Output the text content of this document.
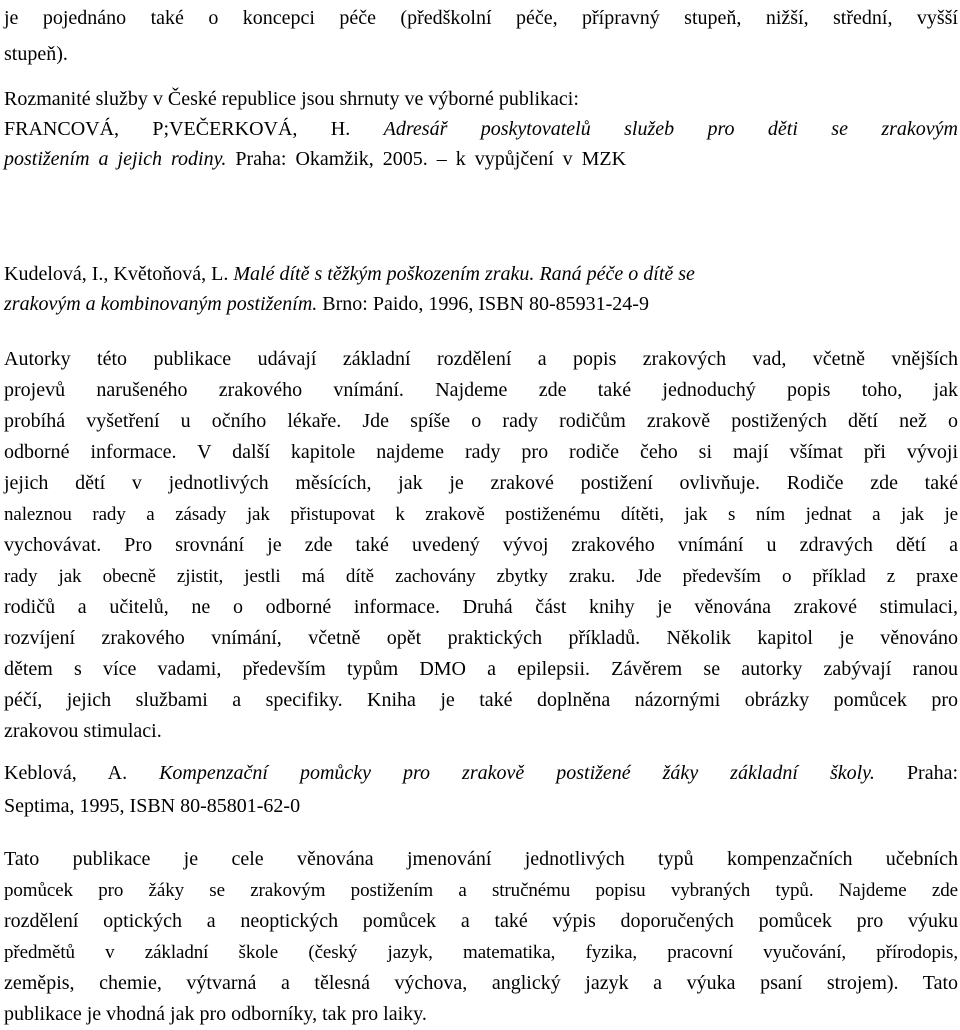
je pojednáno také o koncepci péče (předškolní péče, přípravný stupeň, nižší, střední, vyšší
stupeň).
Rozmanité služby v České republice jsou shrnuty ve výborné publikaci:
FRANCOVÁ, P;VEČERKOVÁ, H. Adresář poskytovatelů služeb pro děti se zrakovým
postižením a jejich rodiny. Praha: Okamžik, 2005. – k vypůjčení v MZK
Kudelová, I., Květoňová, L. Malé dítě s těžkým poškozením zraku. Raná péče o dítě se
zrakovým a kombinovaným postižením. Brno: Paido, 1996, ISBN 80-85931-24-9
Autorky této publikace udávají základní rozdělení a popis zrakových vad, včetně vnějších
projevů narušeného zrakového vnímání. Najdeme zde také jednoduchý popis toho, jak
probíhá vyšetření u očního lékaře. Jde spíše o rady rodičům zrakově postižených dětí než o
odborné informace. V další kapitole najdeme rady pro rodiče čeho si mají všímat při vývoji
jejich dětí v jednotlivých měsících, jak je zrakové postižení ovlivňuje. Rodiče zde také
naleznou rady a zásady jak přistupovat k zrakově postiženému dítěti, jak s ním jednat a jak je
vychovávat. Pro srovnání je zde také uvedený vývoj zrakového vnímání u zdravých dětí a
rady jak obecně zjistit, jestli má dítě zachovány zbytky zraku. Jde především o příklad z praxe
rodičů a učitelů, ne o odborné informace. Druhá část knihy je věnována zrakové stimulaci,
rozvíjení zrakového vnímání, včetně opět praktických příkladů. Několik kapitol je věnováno
dětem s více vadami, především typům DMO a epilepsii. Závěrem se autorky zabývají ranou
péčí, jejich službami a specifiky. Kniha je také doplněna názornými obrázky pomůcek pro
zrakovou stimulaci.
Keblová, A. Kompenzační pomůcky pro zrakově postižené žáky základní školy. Praha:
Septima, 1995, ISBN 80-85801-62-0
Tato publikace je cele věnována jmenování jednotlivých typů kompenzačních učebních
pomůcek pro žáky se zrakovým postižením a stručnému popisu vybraných typů. Najdeme zde
rozdělení optických a neoptických pomůcek a také výpis doporučených pomůcek pro výuku
předmětů v základní škole (český jazyk, matematika, fyzika, pracovní vyučování, přírodopis,
zeměpis, chemie, výtvarná a tělesná výchova, anglický jazyk a výuka psaní strojem). Tato
publikace je vhodná jak pro odborníky, tak pro laiky.
